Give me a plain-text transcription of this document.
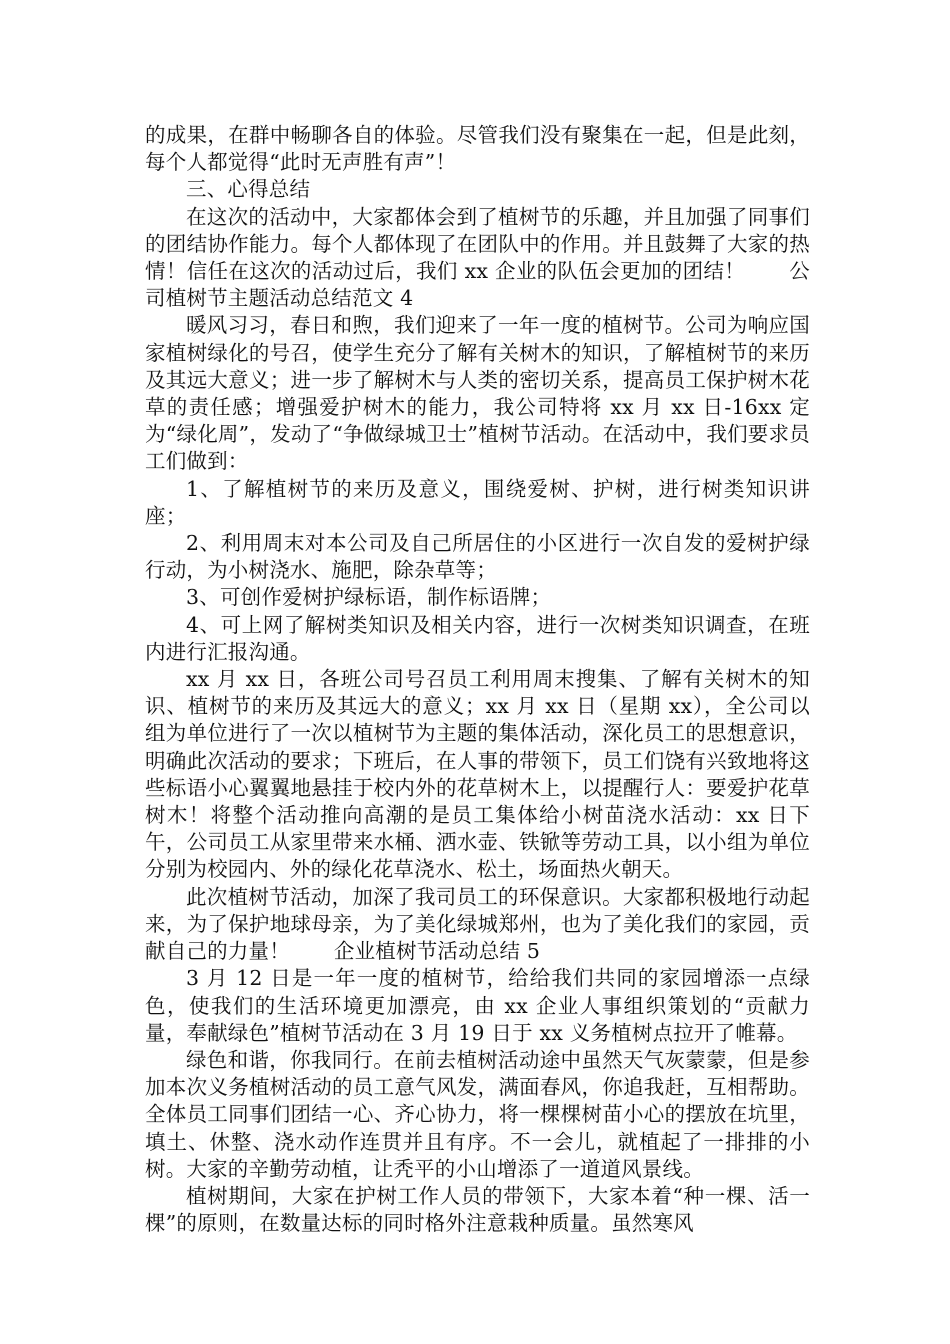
的成果，在群中畅聊各自的体验。尽管我们没有聚集在一起，但是此刻，每个人都觉得“此时无声胜有声”！

三、心得总结

在这次的活动中，大家都体会到了植树节的乐趣，并且加强了同事们的团结协作能力。每个人都体现了在团队中的作用。并且鼓舞了大家的热情！信任在这次的活动过后，我们 xx 企业的队伍会更加的团结！ 公司植树节主题活动总结范文 4

暖风习习，春日和煦，我们迎来了一年一度的植树节。公司为响应国家植树绿化的号召，使学生充分了解有关树木的知识，了解植树节的来历及其远大意义；进一步了解树木与人类的密切关系，提高员工保护树木花草的责任感；增强爱护树木的能力，我公司特将 xx 月 xx 日-16xx 定为“绿化周”，发动了“争做绿城卫士”植树节活动。在活动中，我们要求员工们做到：

1、了解植树节的来历及意义，围绕爱树、护树，进行树类知识讲座；

2、利用周末对本公司及自己所居住的小区进行一次自发的爱树护绿行动，为小树浇水、施肥，除杂草等；

3、可创作爱树护绿标语，制作标语牌；

4、可上网了解树类知识及相关内容，进行一次树类知识调查，在班内进行汇报沟通。

xx 月 xx 日，各班公司号召员工利用周末搜集、了解有关树木的知识、植树节的来历及其远大的意义；xx 月 xx 日（星期 xx），全公司以组为单位进行了一次以植树节为主题的集体活动，深化员工的思想意识，明确此次活动的要求；下班后，在人事的带领下，员工们饶有兴致地将这些标语小心翼翼地悬挂于校内外的花草树木上，以提醒行人：要爱护花草树木！将整个活动推向高潮的是员工集体给小树苗浇水活动：xx 日下午，公司员工从家里带来水桶、洒水壶、铁锨等劳动工具，以小组为单位分别为校园内、外的绿化花草浇水、松土，场面热火朝天。

此次植树节活动，加深了我司员工的环保意识。大家都积极地行动起来，为了保护地球母亲，为了美化绿城郑州，也为了美化我们的家园，贡献自己的力量！ 企业植树节活动总结 5

3 月 12 日是一年一度的植树节，给给我们共同的家园增添一点绿色，使我们的生活环境更加漂亮，由 xx 企业人事组织策划的“贡献力量，奉献绿色”植树节活动在 3 月 19 日于 xx 义务植树点拉开了帷幕。

绿色和谐，你我同行。在前去植树活动途中虽然天气灰蒙蒙，但是参加本次义务植树活动的员工意气风发，满面春风，你追我赶，互相帮助。全体员工同事们团结一心、齐心协力，将一棵棵树苗小心的摆放在坑里，填土、休整、浇水动作连贯并且有序。不一会儿，就植起了一排排的小树。大家的辛勤劳动植，让秃平的小山增添了一道道风景线。

植树期间，大家在护树工作人员的带领下，大家本着“种一棵、活一棵”的原则，在数量达标的同时格外注意栽种质量。虽然寒风
